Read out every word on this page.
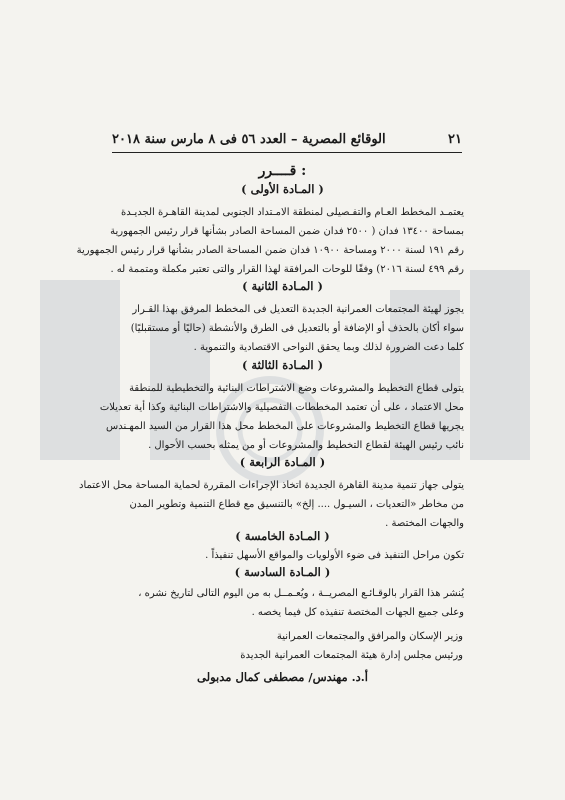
٢١
الوقائع المصرية – العدد ٥٦ فى ٨ مارس سنة ٢٠١٨
قــــرر :
( المـادة الأولى )
يعتمـد المخطط العـام والتفـصيلى لمنطقة الامـتداد الجنوبى لمدينة القاهـرة الجديـدة
بمساحة ١٣٤٠٠ فدان ( ٢٥٠٠ فدان ضمن المساحة الصادر بشأنها قرار رئيس الجمهورية
رقم ١٩١ لسنة ٢٠٠٠ ومساحة ١٠٩٠٠ فدان ضمن المساحة الصادر بشأنها قرار رئيس الجمهورية
رقم ٤٩٩ لسنة ٢٠١٦) وفقًا للوحات المرافقة لهذا القرار والتى تعتبر مكملة ومتممة له .
( المـادة الثانية )
يجوز لهيئة المجتمعات العمرانية الجديدة التعديل فى المخطط المرفق بهذا القـرار
سواء أكان بالحذف أو الإضافة أو بالتعديل فى الطرق والأنشطة (حاليًا أو مستقبليًا)
كلما دعت الضرورة لذلك وبما يحقق النواحى الاقتصادية والتنموية .
( المـادة الثالثة )
يتولى قطاع التخطيط والمشروعات وضع الاشتراطات البنائية والتخطيطية للمنطقة
محل الاعتماد ، على أن تعتمد المخططات التفصيلية والاشتراطات البنائية وكذا أية تعديلات
يجريها قطاع التخطيط والمشروعات على المخطط محل هذا القرار من السيد المهـندس
نائب رئيس الهيئة لقطاع التخطيط والمشروعات أو من يمثله بحسب الأحوال .
( المـادة الرابعة )
يتولى جهاز تنمية مدينة القاهرة الجديدة اتخاذ الإجراءات المقررة لحماية المساحة محل الاعتماد
من مخاطر «التعديات ، السيـول .... إلخ» بالتنسيق مع قطاع التنمية وتطوير المدن
والجهات المختصة .
( المـادة الخامسة )
تكون مراحل التنفيذ فى ضوء الأولويات والمواقع الأسهل تنفيذاً .
( المـادة السادسة )
يُنشر هذا القرار بالوقـائـع المصريــة ، ويُعـمــل به من اليوم التالى لتاريخ نشره ،
وعلى جميع الجهات المختصة تنفيذه كل فيما يخصه .
وزير الإسكان والمرافق والمجتمعات العمرانية
ورئيس مجلس إدارة هيئة المجتمعات العمرانية الجديدة
أ.د. مهندس/ مصطفى كمال مدبولى
